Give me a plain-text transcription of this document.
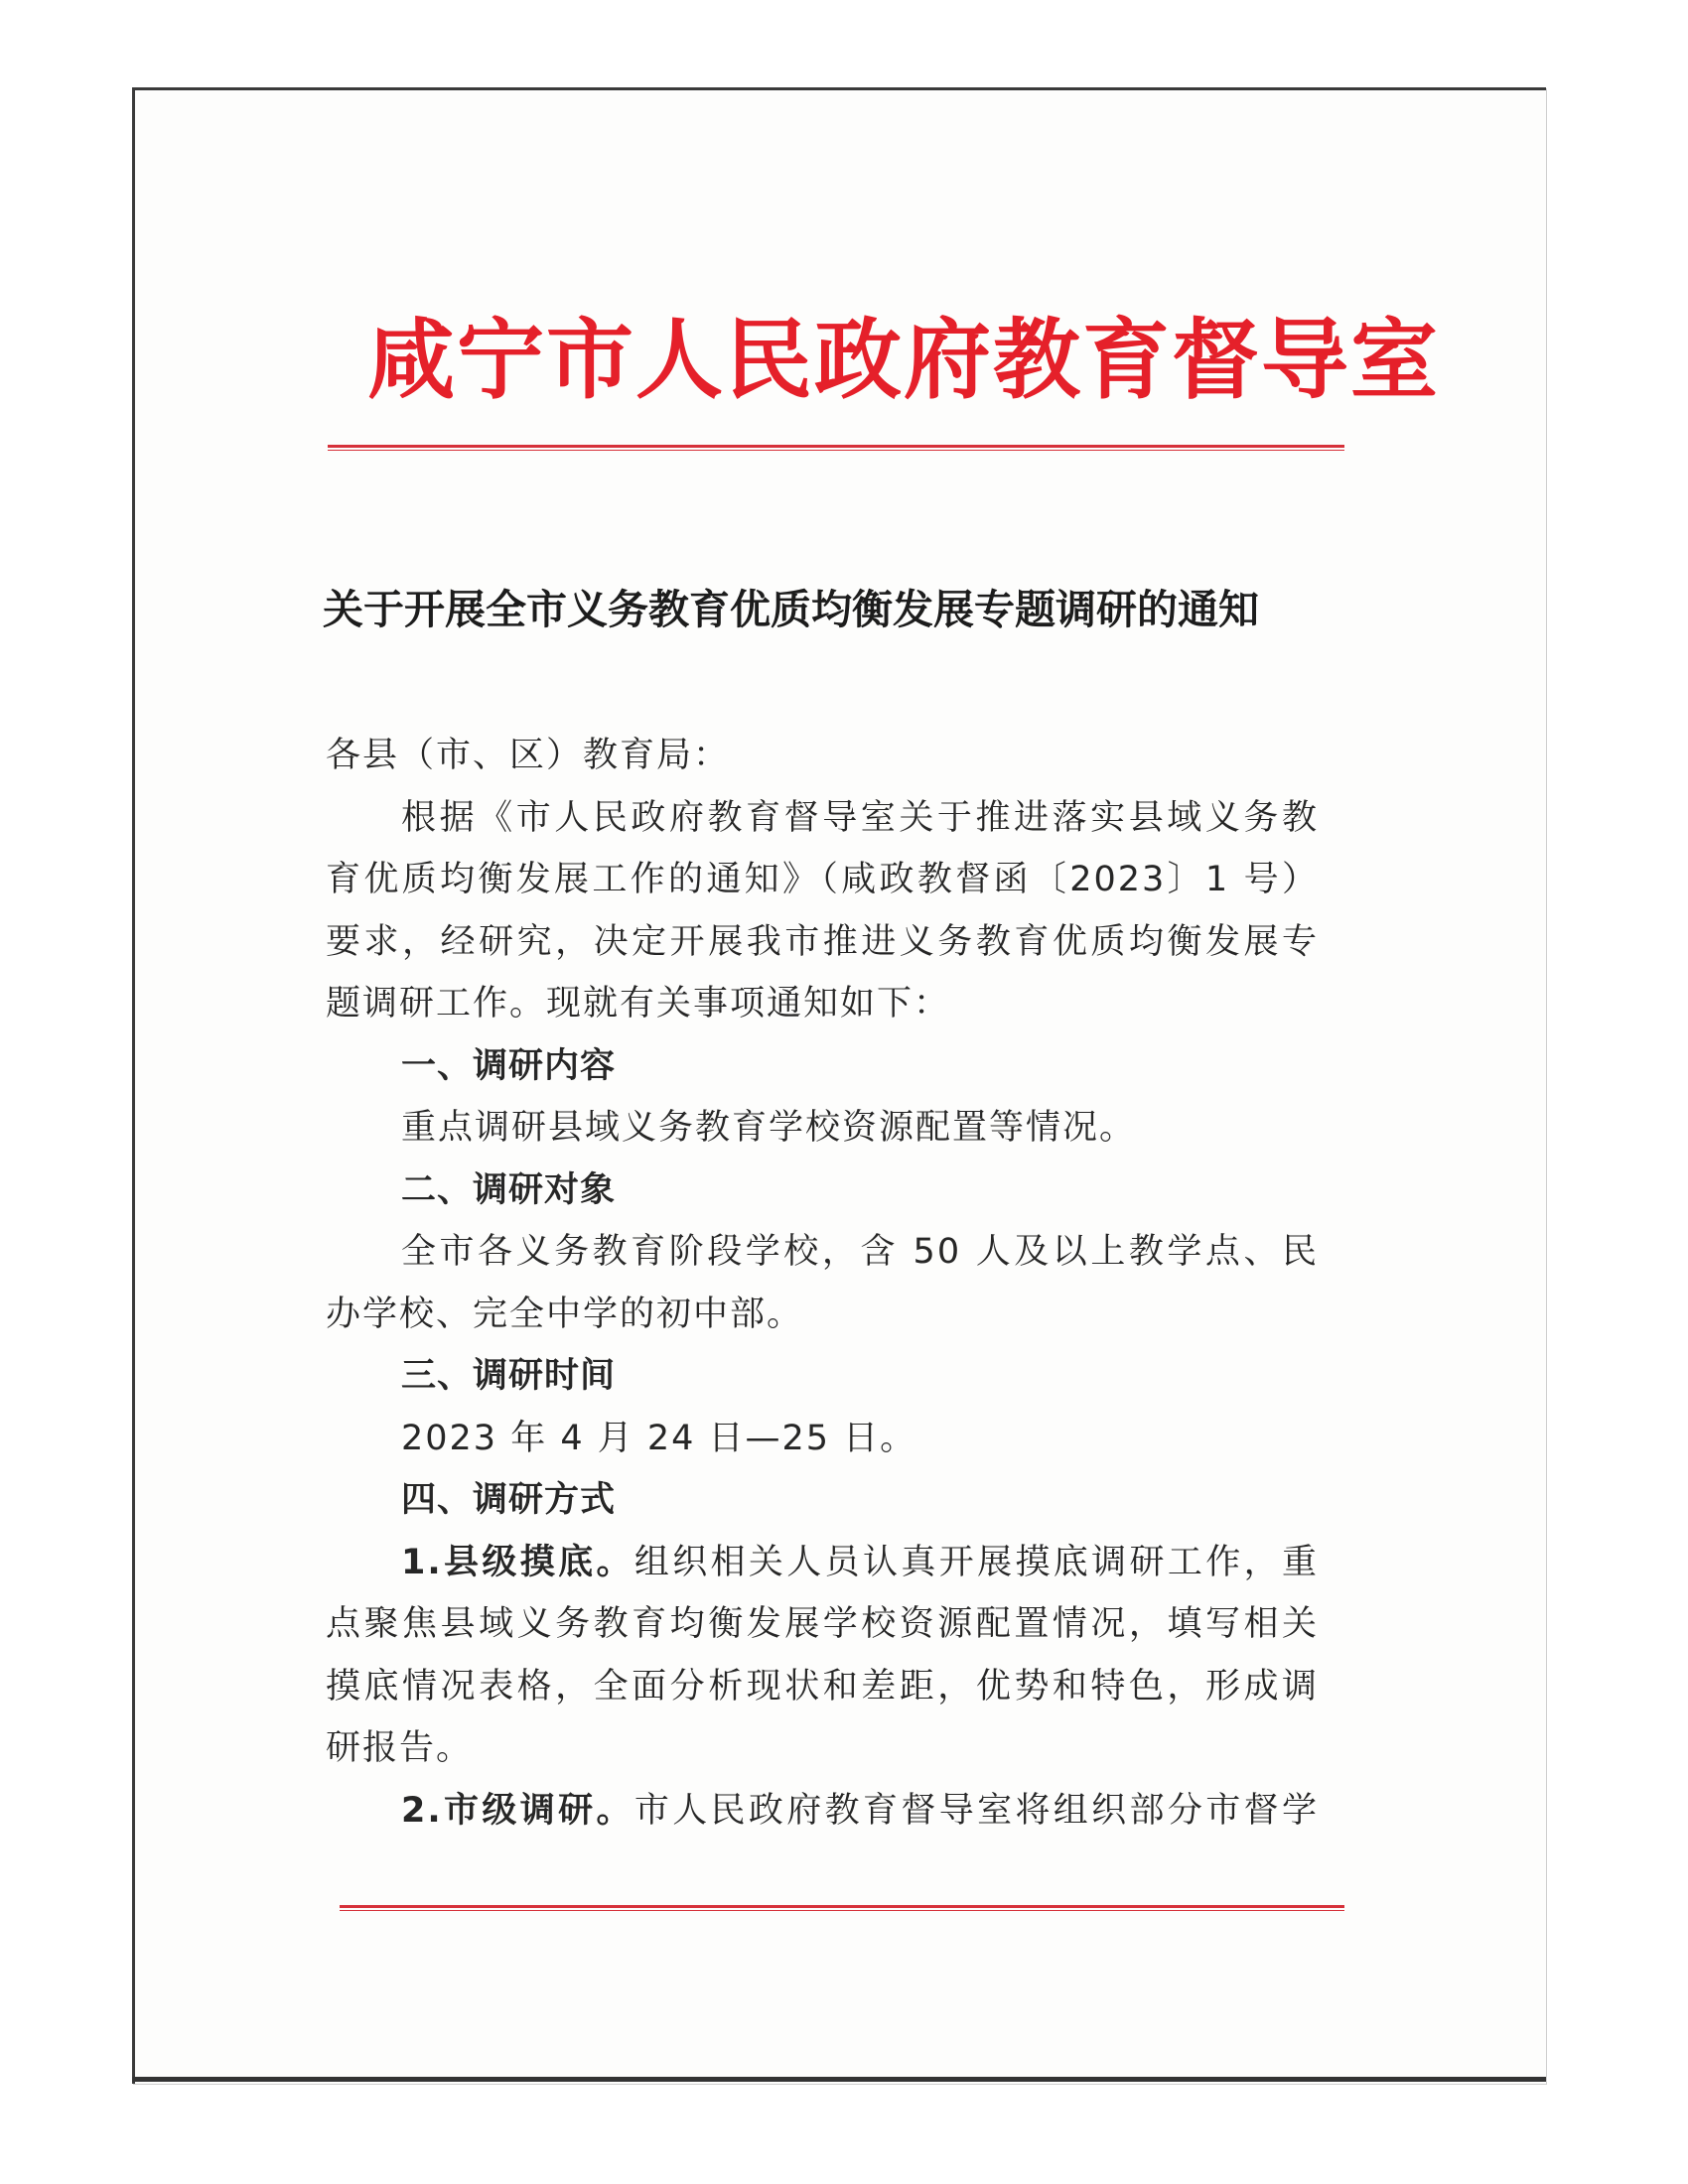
咸宁市人民政府教育督导室
关于开展全市义务教育优质均衡发展专题调研的通知
各县（市、区）教育局：
根据《市人民政府教育督导室关于推进落实县域义务教
育优质均衡发展工作的通知》（咸政教督函〔2023〕1 号）
要求，经研究，决定开展我市推进义务教育优质均衡发展专
题调研工作。现就有关事项通知如下：
一、调研内容
重点调研县域义务教育学校资源配置等情况。
二、调研对象
全市各义务教育阶段学校，含 50 人及以上教学点、民
办学校、完全中学的初中部。
三、调研时间
2023 年 4 月 24 日—25 日。
四、调研方式
1.县级摸底。组织相关人员认真开展摸底调研工作，重
点聚焦县域义务教育均衡发展学校资源配置情况，填写相关
摸底情况表格，全面分析现状和差距，优势和特色，形成调
研报告。
2.市级调研。市人民政府教育督导室将组织部分市督学
